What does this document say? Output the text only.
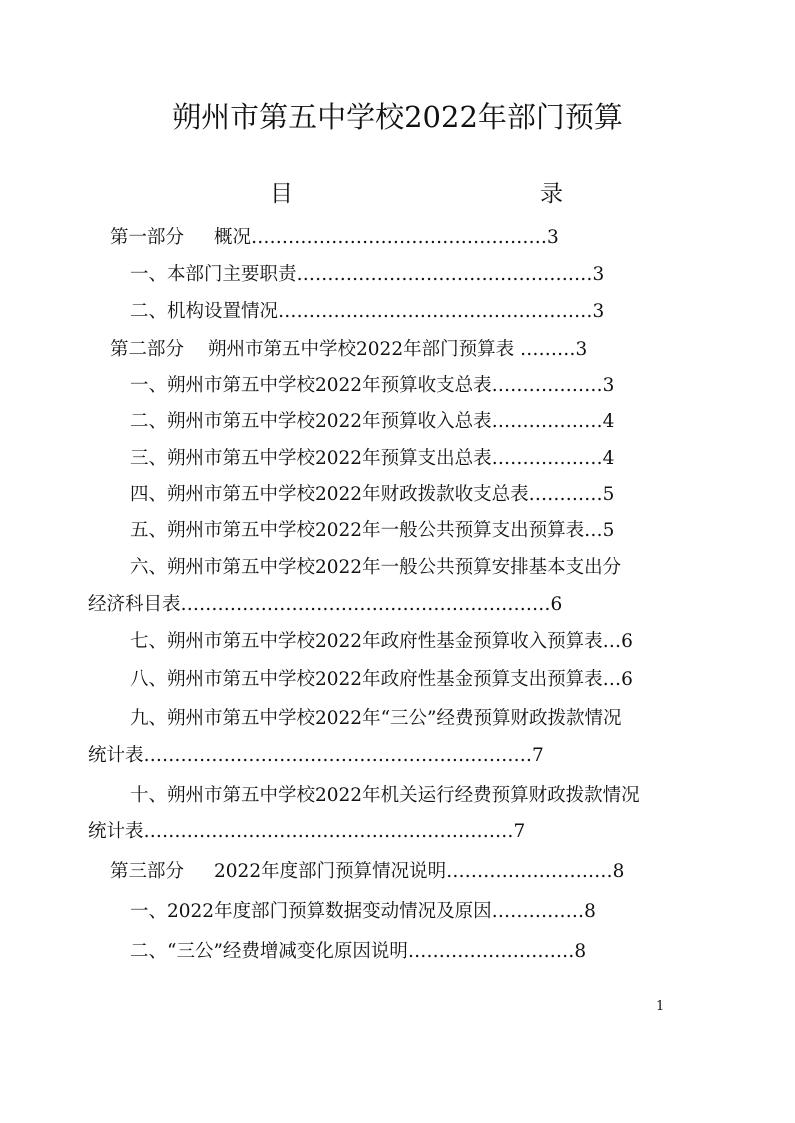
朔州市第五中学校2022年部门预算
目	录
第一部分 概况…………………………………………3
一、本部门主要职责…………………………………………3
二、机构设置情况……………………………………………3
第二部分 朔州市第五中学校2022年部门预算表 ………3
一、朔州市第五中学校2022年预算收支总表………………3
二、朔州市第五中学校2022年预算收入总表………………4
三、朔州市第五中学校2022年预算支出总表………………4
四、朔州市第五中学校2022年财政拨款收支总表…………5
五、朔州市第五中学校2022年一般公共预算支出预算表…5
六、朔州市第五中学校2022年一般公共预算安排基本支出分
经济科目表……………………………………………………6
七、朔州市第五中学校2022年政府性基金预算收入预算表…6
八、朔州市第五中学校2022年政府性基金预算支出预算表…6
九、朔州市第五中学校2022年“三公”经费预算财政拨款情况
统计表………………………………………………………7
十、朔州市第五中学校2022年机关运行经费预算财政拨款情况
统计表……………………………………………………7
第三部分 2022年度部门预算情况说明………………………8
一、2022年度部门预算数据变动情况及原因……………8
二、“三公”经费增减变化原因说明………………………8
1
